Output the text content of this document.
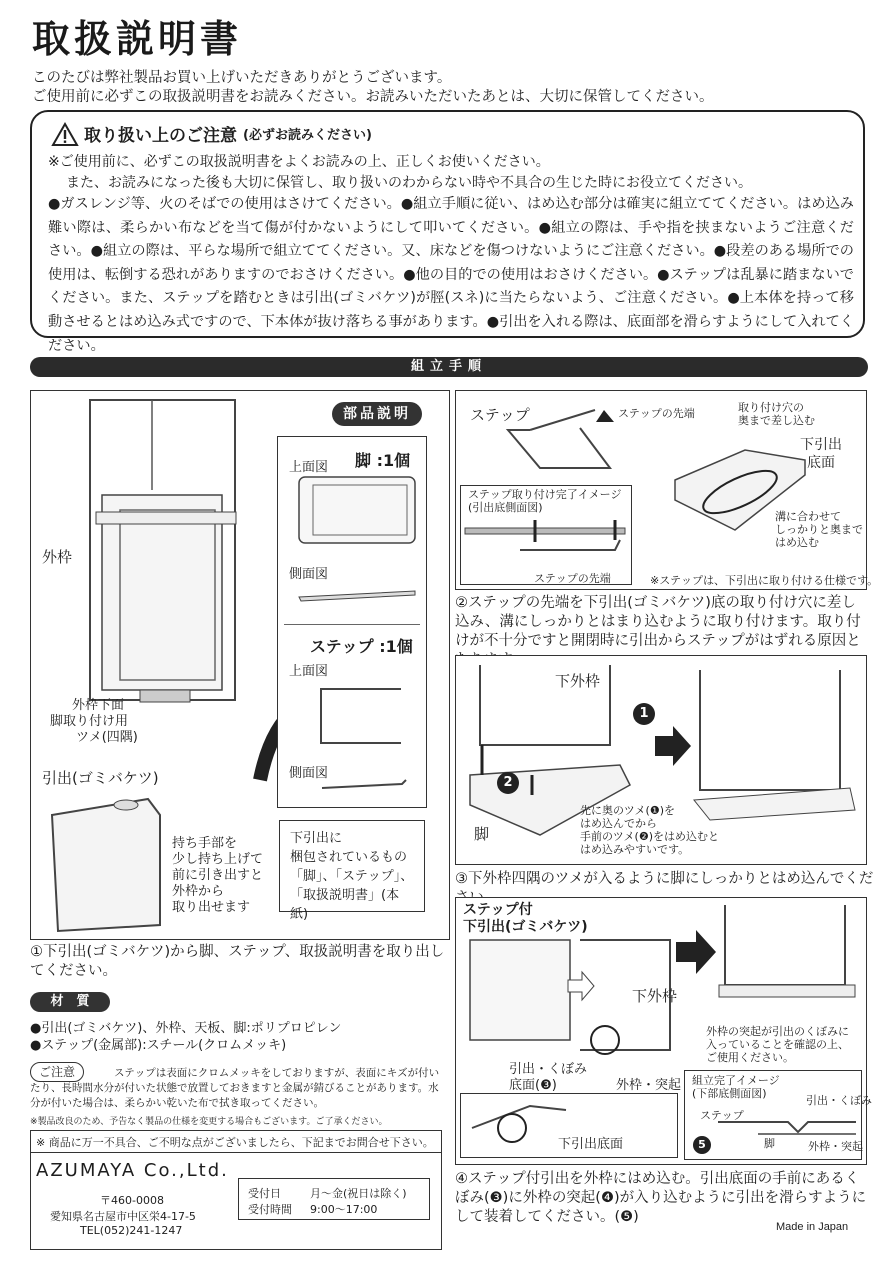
取扱説明書
このたびは弊社製品お買い上げいただきありがとうございます。
ご使用前に必ずこの取扱説明書をお読みください。お読みいただいたあとは、大切に保管してください。
取り扱い上のご注意 (必ずお読みください)
※ご使用前に、必ずこの取扱説明書をよくお読みの上、正しくお使いください。
また、お読みになった後も大切に保管し、取り扱いのわからない時や不具合の生じた時にお役立てください。
●ガスレンジ等、火のそばでの使用はさけてください。●組立手順に従い、はめ込む部分は確実に組立ててください。はめ込み難い際は、柔らかい布などを当て傷が付かないようにして叩いてください。●組立の際は、手や指を挟まないようご注意ください。●組立の際は、平らな場所で組立ててください。又、床などを傷つけないようにご注意ください。●段差のある場所での使用は、転倒する恐れがありますのでおさけください。●他の目的での使用はおさけください。●ステップは乱暴に踏まないでください。また、ステップを踏むときは引出(ゴミバケツ)が脛(スネ)に当たらないよう、ご注意ください。●上本体を持って移動させるとはめ込み式ですので、下本体が抜け落ちる事があります。●引出を入れる際は、底面部を滑らすようにして入れてください。
組立手順
外枠
外枠下面
脚取り付け用
ツメ(四隅)
引出(ゴミバケツ)
持ち手部を
少し持ち上げて
前に引き出すと
外枠から
取り出せます
部品説明
上面図 脚 :1個
側面図
ステップ :1個
上面図
側面図
下引出に
梱包されているもの
「脚」、「ステップ」、
「取扱説明書」(本紙)
①下引出(ゴミバケツ)から脚、ステップ、取扱説明書を取り出してください。
材　質
●引出(ゴミバケツ)、外枠、天板、脚:ポリプロピレン
●ステップ(金属部):スチール(クロムメッキ)
ご注意	ステップは表面にクロムメッキをしておりますが、表面にキズが付いたり、長時間水分が付いた状態で放置しておきますと金属が錆びることがあります。水分が付いた場合は、柔らかい乾いた布で拭き取ってください。
※製品改良のため、予告なく製品の仕様を変更する場合もございます。ご了承ください。
※ 商品に万一不具合、ご不明な点がございましたら、下記までお問合せ下さい。
AZUMAYA Co.,Ltd.
〒460-0008
愛知県名古屋市中区栄4-17-5
TEL(052)241-1247
受付日	月～金(祝日は除く)
受付時間 9:00～17:00
ステップ	ステップの先端	取り付け穴の
奥まで差し込む
下引出
底面
ステップ取り付け完了イメージ
(引出底側面図)
ステップの先端
溝に合わせて
しっかりと奥まで
はめ込む
※ステップは、下引出に取り付ける仕様です。
②ステップの先端を下引出(ゴミバケツ)底の取り付け穴に差し込み、溝にしっかりとはまり込むように取り付けます。取り付けが不十分ですと開閉時に引出からステップがはずれる原因と
下外枠
脚
1
2
先に奥のツメ(❶)を
はめ込んでから
手前のツメ(❷)をはめ込むと
はめ込みやすいです。
③下外枠四隅のツメが入るように脚にしっかりとはめ込んでくだ
ステップ付
下引出(ゴミバケツ)
下外枠
外枠の突起が引出のくぼみに
入っていることを確認の上、
ご使用ください。
引出・くぼみ
底面(❸)	外枠・突起
下引出底面
組立完了イメージ
(下部底側面図)
ステップ
引出・くぼみ
脚	外枠・突起
5
④ステップ付引出を外枠にはめ込む。引出底面の手前にあるくぼみ(❸)に外枠の突起(❹)が入り込むように引出を滑らすようにして装着してください。(❺)
Made in Japan
